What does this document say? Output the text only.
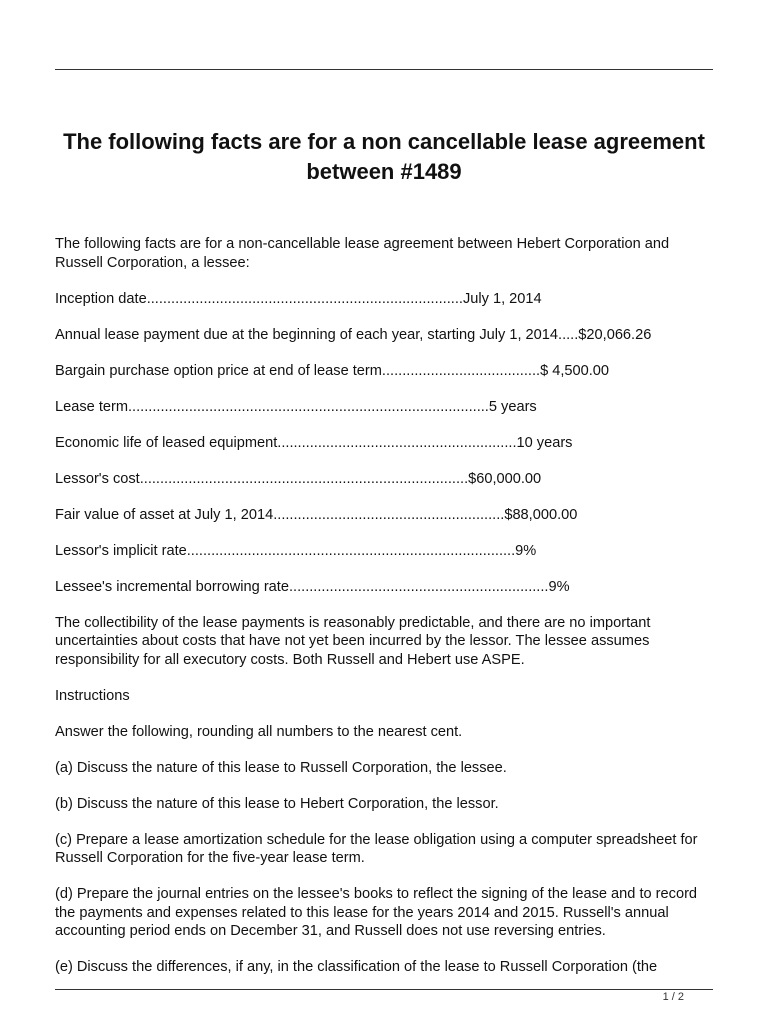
The following facts are for a non cancellable lease agreement between #1489

The following facts are for a non-cancellable lease agreement between Hebert Corporation and Russell Corporation, a lessee:

Inception date..............................................................................July 1, 2014

Annual lease payment due at the beginning of each year, starting July 1, 2014.....$20,066.26

Bargain purchase option price at end of lease term.......................................$ 4,500.00

Lease term.........................................................................................5 years

Economic life of leased equipment...........................................................10 years

Lessor's cost.................................................................................$60,000.00

Fair value of asset at July 1, 2014.........................................................$88,000.00

Lessor's implicit rate.................................................................................9%

Lessee's incremental borrowing rate................................................................9%

The collectibility of the lease payments is reasonably predictable, and there are no important uncertainties about costs that have not yet been incurred by the lessor. The lessee assumes responsibility for all executory costs. Both Russell and Hebert use ASPE.

Instructions

Answer the following, rounding all numbers to the nearest cent.

(a) Discuss the nature of this lease to Russell Corporation, the lessee.

(b) Discuss the nature of this lease to Hebert Corporation, the lessor.

(c) Prepare a lease amortization schedule for the lease obligation using a computer spreadsheet for Russell Corporation for the five-year lease term.

(d) Prepare the journal entries on the lessee's books to reflect the signing of the lease and to record the payments and expenses related to this lease for the years 2014 and 2015. Russell's annual accounting period ends on December 31, and Russell does not use reversing entries.

(e) Discuss the differences, if any, in the classification of the lease to Russell Corporation (the

1 / 2
